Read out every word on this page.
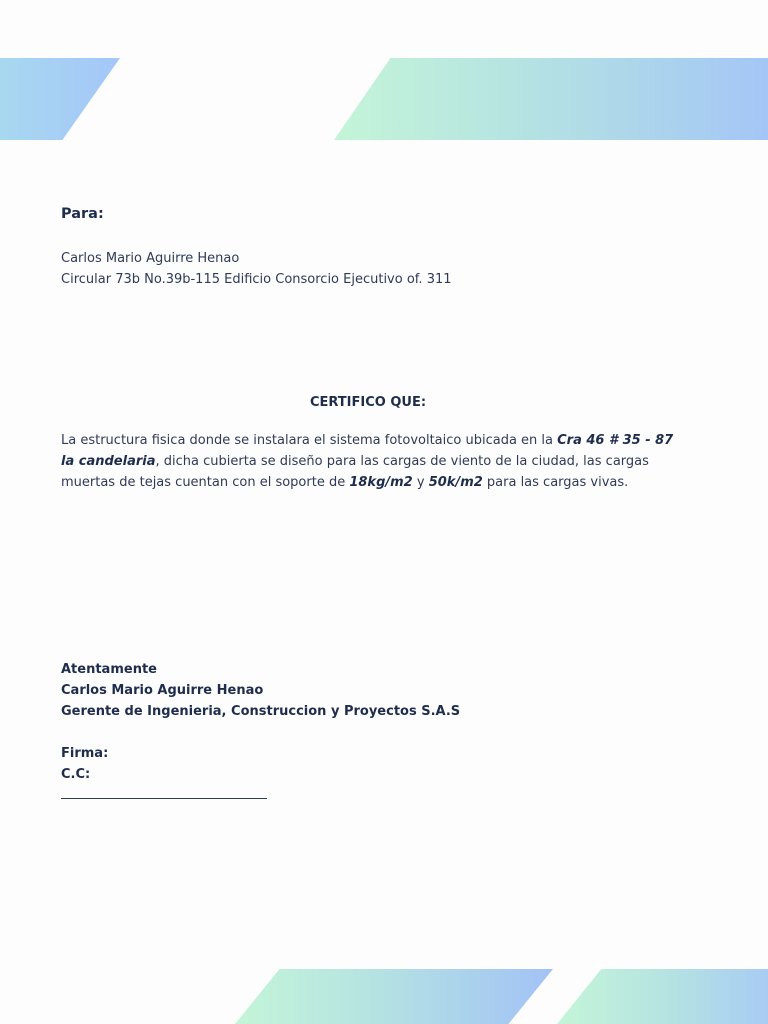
Para:
Carlos Mario Aguirre Henao
Circular 73b No.39b-115 Edificio Consorcio Ejecutivo of. 311
CERTIFICO QUE:

La estructura fisica donde se instalara el sistema fotovoltaico ubicada en la Cra 46 # 35 - 87 la candelaria, dicha cubierta se diseño para las cargas de viento de la ciudad, las cargas muertas de tejas cuentan con el soporte de 18kg/m2 y 50k/m2 para las cargas vivas.

Atentamente
Carlos Mario Aguirre Henao
Gerente de Ingenieria, Construccion y Proyectos S.A.S
Firma:
C.C:
